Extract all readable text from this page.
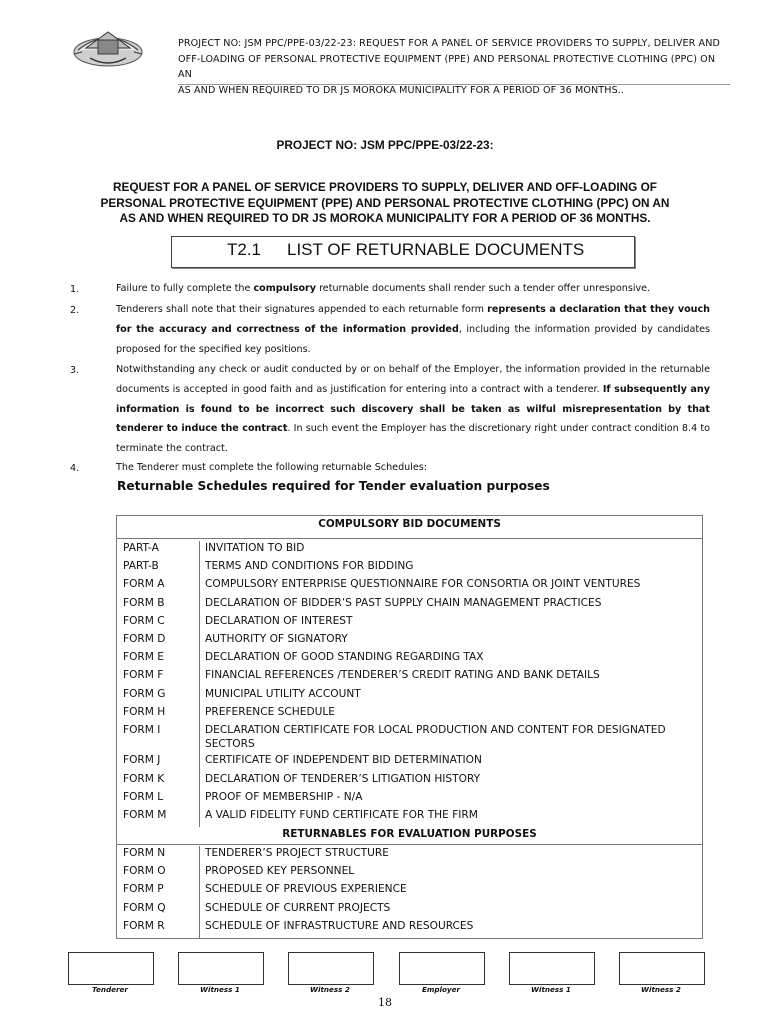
PROJECT NO: JSM PPC/PPE-03/22-23: REQUEST FOR A PANEL OF SERVICE PROVIDERS TO SUPPLY, DELIVER AND
OFF-LOADING OF PERSONAL PROTECTIVE EQUIPMENT (PPE) AND PERSONAL PROTECTIVE CLOTHING (PPC) ON AN
AS AND WHEN REQUIRED TO DR JS MOROKA MUNICIPALITY FOR A PERIOD OF 36 MONTHS..
PROJECT NO: JSM PPC/PPE-03/22-23:
REQUEST FOR A PANEL OF SERVICE PROVIDERS TO SUPPLY, DELIVER AND OFF-LOADING OF
PERSONAL PROTECTIVE EQUIPMENT (PPE) AND PERSONAL PROTECTIVE CLOTHING (PPC) ON AN
AS AND WHEN REQUIRED TO DR JS MOROKA MUNICIPALITY FOR A PERIOD OF 36 MONTHS.
T2.1 LIST OF RETURNABLE DOCUMENTS
1.	Failure to fully complete the compulsory returnable documents shall render such a tender offer unresponsive.
2.	Tenderers shall note that their signatures appended to each returnable form represents a declaration that they vouch for the accuracy and correctness of the information provided, including the information provided by candidates proposed for the specified key positions.
3.	Notwithstanding any check or audit conducted by or on behalf of the Employer, the information provided in the returnable documents is accepted in good faith and as justification for entering into a contract with a tenderer. If subsequently any information is found to be incorrect such discovery shall be taken as wilful misrepresentation by that tenderer to induce the contract. In such event the Employer has the discretionary right under contract condition 8.4 to terminate the contract.
4.	The Tenderer must complete the following returnable Schedules:
Returnable Schedules required for Tender evaluation purposes
COMPULSORY BID DOCUMENTS
PART-A	INVITATION TO BID
PART-B	TERMS AND CONDITIONS FOR BIDDING
FORM A	COMPULSORY ENTERPRISE QUESTIONNAIRE FOR CONSORTIA OR JOINT VENTURES
FORM B	DECLARATION OF BIDDER’S PAST SUPPLY CHAIN MANAGEMENT PRACTICES
FORM C	DECLARATION OF INTEREST
FORM D	AUTHORITY OF SIGNATORY
FORM E	DECLARATION OF GOOD STANDING REGARDING TAX
FORM F	FINANCIAL REFERENCES /TENDERER’S CREDIT RATING AND BANK DETAILS
FORM G	MUNICIPAL UTILITY ACCOUNT
FORM H	PREFERENCE SCHEDULE
FORM I	DECLARATION CERTIFICATE FOR LOCAL PRODUCTION AND CONTENT FOR DESIGNATED SECTORS
FORM J	CERTIFICATE OF INDEPENDENT BID DETERMINATION
FORM K	DECLARATION OF TENDERER’S LITIGATION HISTORY
FORM L	PROOF OF MEMBERSHIP - N/A
FORM M	A VALID FIDELITY FUND CERTIFICATE FOR THE FIRM
RETURNABLES FOR EVALUATION PURPOSES
FORM N	TENDERER’S PROJECT STRUCTURE
FORM O	PROPOSED KEY PERSONNEL
FORM P	SCHEDULE OF PREVIOUS EXPERIENCE
FORM Q	SCHEDULE OF CURRENT PROJECTS
FORM R	SCHEDULE OF INFRASTRUCTURE AND RESOURCES
Tenderer	Witness 1	Witness 2	Employer	Witness 1	Witness 2
18
